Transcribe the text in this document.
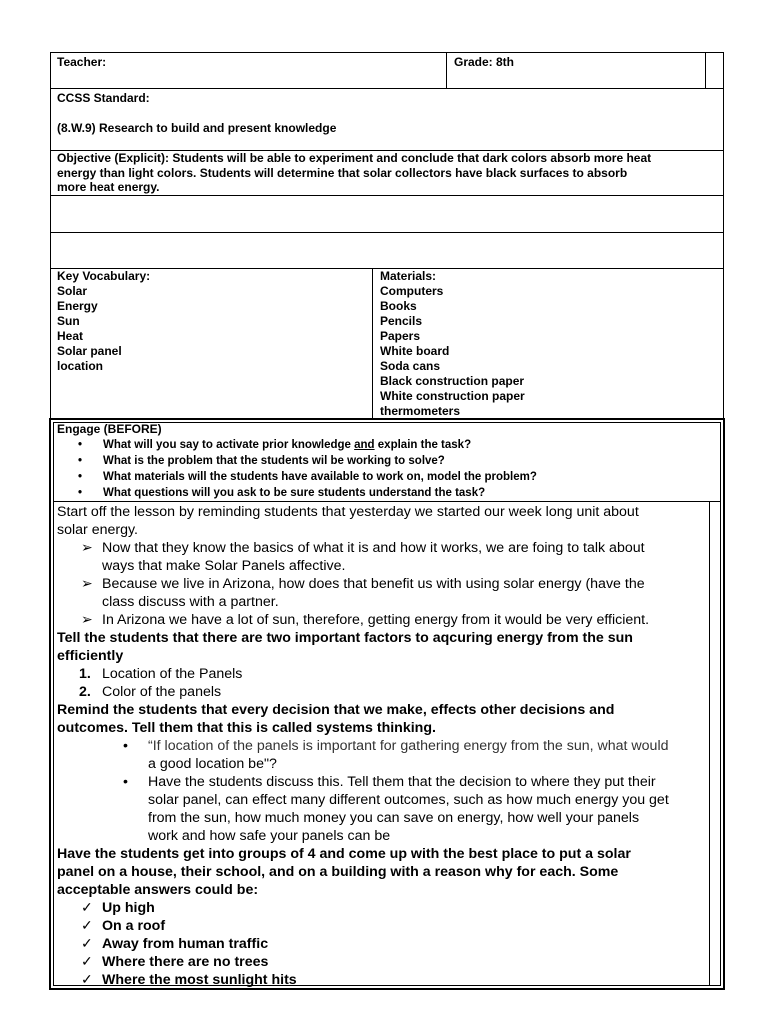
Teacher:	Grade: 8th
CCSS Standard:
(8.W.9) Research to build and present knowledge
Objective (Explicit): Students will be able to experiment and conclude that dark colors absorb more heat
energy than light colors. Students will determine that solar collectors have black surfaces to absorb
more heat energy.
Key Vocabulary:
Solar
Energy
Sun
Heat
Solar panel
location
Materials:
Computers
Books
Pencils
Papers
White board
Soda cans
Black construction paper
White construction paper
thermometers
Engage (BEFORE)
• What will you say to activate prior knowledge and explain the task?
• What is the problem that the students wil be working to solve?
• What materials will the students have available to work on, model the problem?
• What questions will you ask to be sure students understand the task?
Start off the lesson by reminding students that yesterday we started our week long unit about
solar energy.
➢ Now that they know the basics of what it is and how it works, we are foing to talk about
ways that make Solar Panels affective.
➢ Because we live in Arizona, how does that benefit us with using solar energy (have the
class discuss with a partner.
➢ In Arizona we have a lot of sun, therefore, getting energy from it would be very efficient.
Tell the students that there are two important factors to aqcuring energy from the sun
efficiently
1. Location of the Panels
2. Color of the panels
Remind the students that every decision that we make, effects other decisions and
outcomes. Tell them that this is called systems thinking.
• “If location of the panels is important for gathering energy from the sun, what would
a good location be"?
• Have the students discuss this. Tell them that the decision to where they put their
solar panel, can effect many different outcomes, such as how much energy you get
from the sun, how much money you can save on energy, how well your panels
work and how safe your panels can be
Have the students get into groups of 4 and come up with the best place to put a solar
panel on a house, their school, and on a building with a reason why for each. Some
acceptable answers could be:
✓ Up high
✓ On a roof
✓ Away from human traffic
✓ Where there are no trees
✓ Where the most sunlight hits
